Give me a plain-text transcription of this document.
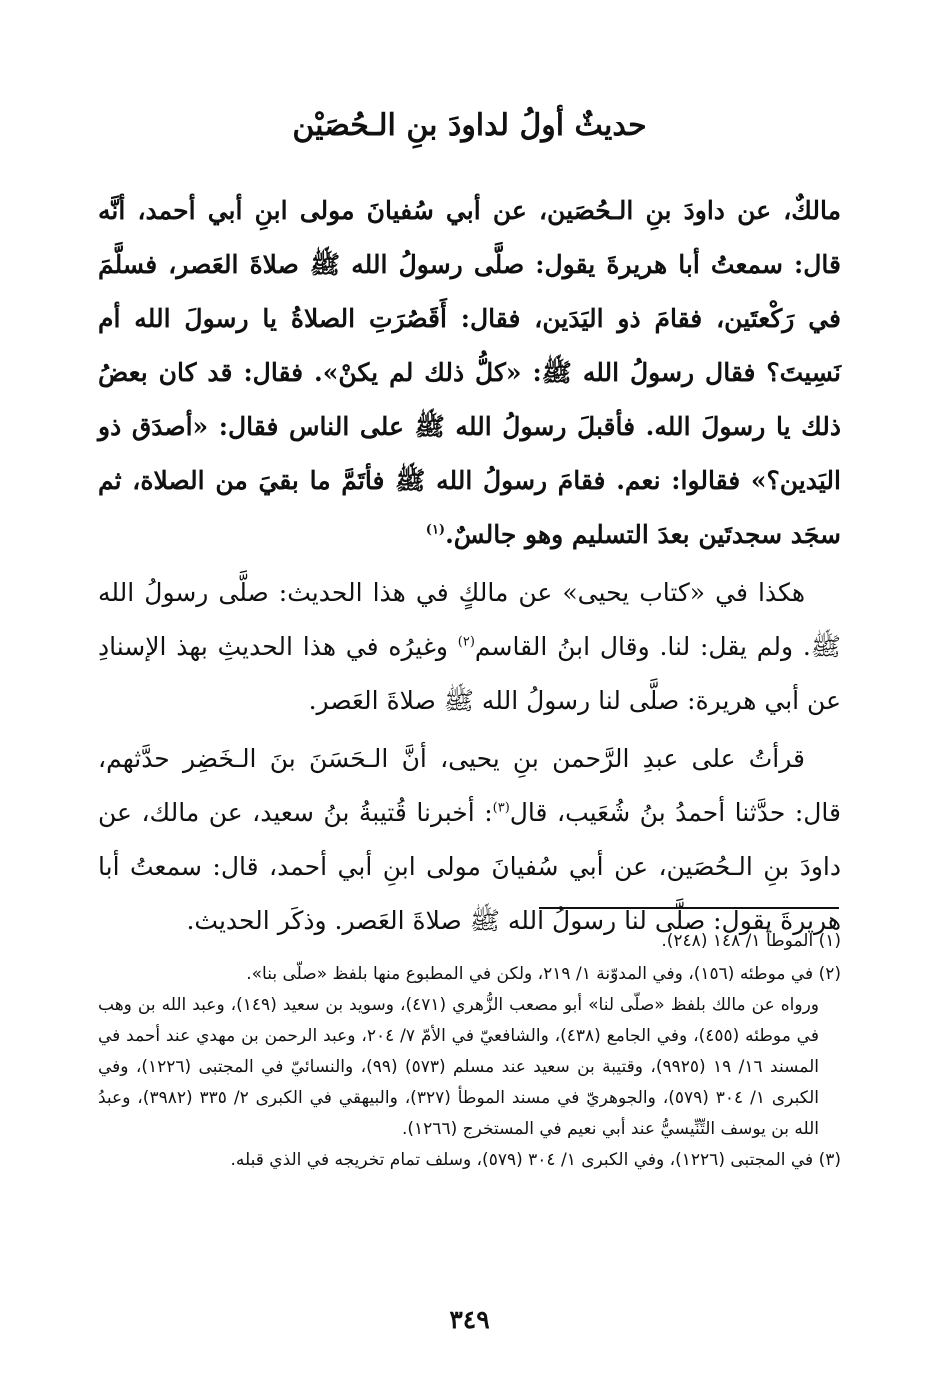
حديثٌ أولُ لداودَ بنِ الـحُصَيْن

مالكٌ، عن داودَ بنِ الـحُصَين، عن أبي سُفيانَ مولى ابنِ أبي أحمد، أنَّه قال: سمعتُ أبا هريرةَ يقول: صلَّى رسولُ الله ﷺ صلاةَ العَصر، فسلَّمَ في رَكْعتَين، فقامَ ذو اليَدَين، فقال: أَقَصُرَتِ الصلاةُ يا رسولَ الله أم نَسِيتَ؟ فقال رسولُ الله ﷺ: «كلُّ ذلك لم يكنْ». فقال: قد كان بعضُ ذلك يا رسولَ الله. فأقبلَ رسولُ الله ﷺ على الناس فقال: «أصدَق ذو اليَدين؟» فقالوا: نعم. فقامَ رسولُ الله ﷺ فأتَمَّ ما بقيَ من الصلاة، ثم سجَد سجدتَين بعدَ التسليم وهو جالسٌ.$^{(١)}$

هكذا في «كتاب يحيى» عن مالكٍ في هذا الحديث: صلَّى رسولُ الله ﷺ. ولم يقل: لنا. وقال ابنُ القاسم$^{(٢)}$ وغيرُه في هذا الحديثِ بهذ الإسنادِ عن أبي هريرة: صلَّى لنا رسولُ الله ﷺ صلاةَ العَصر.

قرأتُ على عبدِ الرَّحمن بنِ يحيى، أنَّ الـحَسَنَ بنَ الـخَضِر حدَّثهم، قال: حدَّثنا أحمدُ بنُ شُعَيب، قال$^{(٣)}$: أخبرنا قُتيبةُ بنُ سعيد، عن مالك، عن داودَ بنِ الـحُصَين، عن أبي سُفيانَ مولى ابنِ أبي أحمد، قال: سمعتُ أبا هريرةَ يقول: صلَّى لنا رسولُ الله ﷺ صلاةَ العَصر. وذكَر الحديث.

(١) الموطأ ١/ ١٤٨ (٢٤٨).

(٢) في موطئه (١٥٦)، وفي المدوّنة ١/ ٢١٩، ولكن في المطبوع منها بلفظ «صلّى بنا».

ورواه عن مالك بلفظ «صلّى لنا» أبو مصعب الزُّهري (٤٧١)، وسويد بن سعيد (١٤٩)، وعبد الله بن وهب في موطئه (٤٥٥)، وفي الجامع (٤٣٨)، والشافعيّ في الأمّ ٧/ ٢٠٤، وعبد الرحمن بن مهدي عند أحمد في المسند ١٦/ ١٩ (٩٩٢٥)، وقتيبة بن سعيد عند مسلم (٥٧٣) (٩٩)، والنسائيّ في المجتبى (١٢٢٦)، وفي الكبرى ١/ ٣٠٤ (٥٧٩)، والجوهريّ في مسند الموطأ (٣٢٧)، والبيهقي في الكبرى ٢/ ٣٣٥ (٣٩٨٢)، وعبدُ الله بن يوسف التِّنِّيسيُّ عند أبي نعيم في المستخرج (١٢٦٦).

(٣) في المجتبى (١٢٢٦)، وفي الكبرى ١/ ٣٠٤ (٥٧٩)، وسلف تمام تخريجه في الذي قبله.

٣٤٩
